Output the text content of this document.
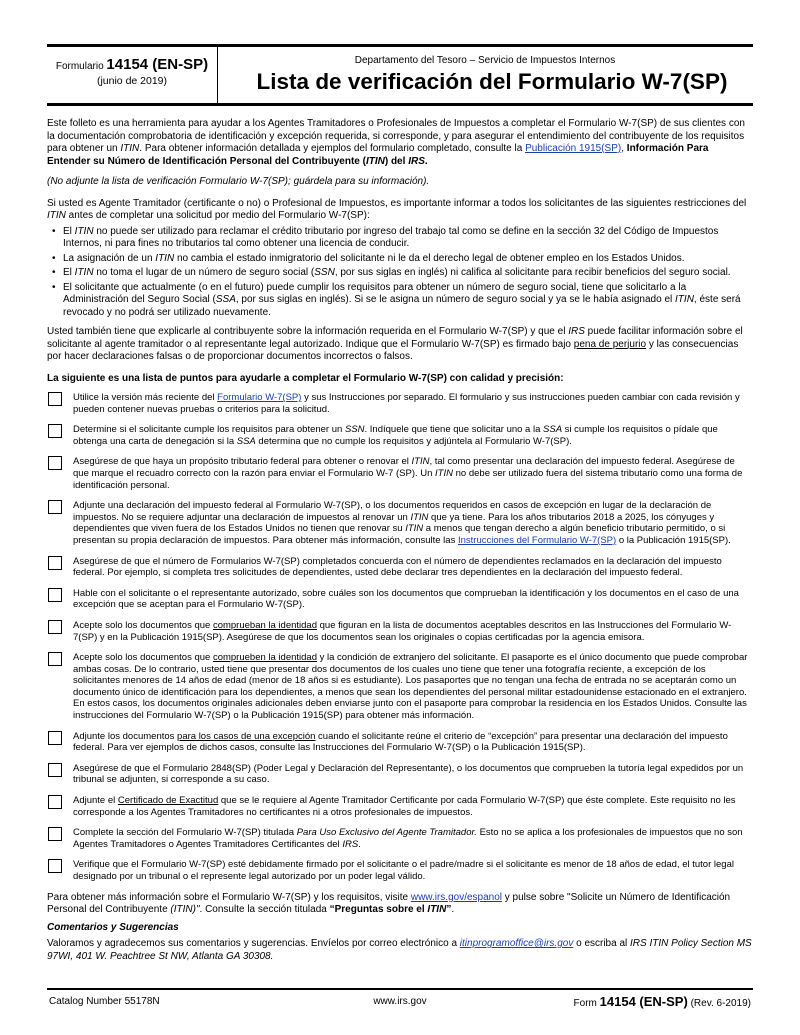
Formulario 14154 (EN-SP)
(junio de 2019)
Departamento del Tesoro – Servicio de Impuestos Internos
Lista de verificación del Formulario W-7(SP)

Este folleto es una herramienta para ayudar a los Agentes Tramitadores o Profesionales de Impuestos a completar el Formulario W-7(SP) de sus clientes con la documentación comprobatoria de identificación y excepción requerida, si corresponde, y para asegurar el entendimiento del contribuyente de los requisitos para obtener un ITIN. Para obtener información detallada y ejemplos del formulario completado, consulte la Publicación 1915(SP), Información Para Entender su Número de Identificación Personal del Contribuyente (ITIN) del IRS.

(No adjunte la lista de verificación Formulario W-7(SP); guárdela para su información).

Si usted es Agente Tramitador (certificante o no) o Profesional de Impuestos, es importante informar a todos los solicitantes de las siguientes restricciones del ITIN antes de completar una solicitud por medio del Formulario W-7(SP):

• El ITIN no puede ser utilizado para reclamar el crédito tributario por ingreso del trabajo tal como se define en la sección 32 del Código de Impuestos Internos, ni para fines no tributarios tal como obtener una licencia de conducir.
• La asignación de un ITIN no cambia el estado inmigratorio del solicitante ni le da el derecho legal de obtener empleo en los Estados Unidos.
• El ITIN no toma el lugar de un número de seguro social (SSN, por sus siglas en inglés) ni califica al solicitante para recibir beneficios del seguro social.
• El solicitante que actualmente (o en el futuro) puede cumplir los requisitos para obtener un número de seguro social, tiene que solicitarlo a la Administración del Seguro Social (SSA, por sus siglas en inglés). Si se le asigna un número de seguro social y ya se le había asignado el ITIN, éste será revocado y no podrá ser utilizado nuevamente.

Usted también tiene que explicarle al contribuyente sobre la información requerida en el Formulario W-7(SP) y que el IRS puede facilitar información sobre el solicitante al agente tramitador o al representante legal autorizado. Indique que el Formulario W-7(SP) es firmado bajo pena de perjurio y las consecuencias por hacer declaraciones falsas o de proporcionar documentos incorrectos o falsos.

La siguiente es una lista de puntos para ayudarle a completar el Formulario W-7(SP) con calidad y precisión:

Utilice la versión más reciente del Formulario W-7(SP) y sus Instrucciones por separado. El formulario y sus instrucciones pueden cambiar con cada revisión y pueden contener nuevas pruebas o criterios para la solicitud.
Determine si el solicitante cumple los requisitos para obtener un SSN. Indíquele que tiene que solicitar uno a la SSA si cumple los requisitos o pídale que obtenga una carta de denegación si la SSA determina que no cumple los requisitos y adjúntela al Formulario W-7(SP).
Asegúrese de que haya un propósito tributario federal para obtener o renovar el ITIN, tal como presentar una declaración del impuesto federal. Asegúrese de que marque el recuadro correcto con la razón para enviar el Formulario W-7 (SP). Un ITIN no debe ser utilizado fuera del sistema tributario como una forma de identificación personal.
Adjunte una declaración del impuesto federal al Formulario W-7(SP), o los documentos requeridos en casos de excepción en lugar de la declaración de impuestos. No se requiere adjuntar una declaración de impuestos al renovar un ITIN que ya tiene. Para los años tributarios 2018 a 2025, los cónyuges y dependientes que viven fuera de los Estados Unidos no tienen que renovar su ITIN a menos que tengan derecho a algún beneficio tributario permitido, o si presentan su propia declaración de impuestos. Para obtener más información, consulte las Instrucciones del Formulario W-7(SP) o la Publicación 1915(SP).
Asegúrese de que el número de Formularios W-7(SP) completados concuerda con el número de dependientes reclamados en la declaración del impuesto federal. Por ejemplo, si completa tres solicitudes de dependientes, usted debe declarar tres dependientes en la declaración del impuesto federal.
Hable con el solicitante o el representante autorizado, sobre cuáles son los documentos que comprueban la identificación y los documentos en el caso de una excepción que se aceptan para el Formulario W-7(SP).
Acepte solo los documentos que comprueban la identidad que figuran en la lista de documentos aceptables descritos en las Instrucciones del Formulario W-7(SP) y en la Publicación 1915(SP). Asegúrese de que los documentos sean los originales o copias certificadas por la agencia emisora.
Acepte solo los documentos que comprueben la identidad y la condición de extranjero del solicitante. El pasaporte es el único documento que puede comprobar ambas cosas. De lo contrario, usted tiene que presentar dos documentos de los cuales uno tiene que tener una fotografía reciente, a excepción de los solicitantes menores de 14 años de edad (menor de 18 años si es estudiante). Los pasaportes que no tengan una fecha de entrada no se aceptarán como un documento único de identificación para los dependientes, a menos que sean los dependientes del personal militar estadounidense estacionado en el extranjero. En estos casos, los documentos originales adicionales deben enviarse junto con el pasaporte para comprobar la residencia en los Estados Unidos. Consulte las instrucciones del Formulario W-7(SP) o la Publicación 1915(SP) para obtener más información.
Adjunte los documentos para los casos de una excepción cuando el solicitante reúne el criterio de “excepción” para presentar una declaración del impuesto federal. Para ver ejemplos de dichos casos, consulte las Instrucciones del Formulario W-7(SP) o la Publicación 1915(SP).
Asegúrese de que el Formulario 2848(SP) (Poder Legal y Declaración del Representante), o los documentos que comprueben la tutoría legal expedidos por un tribunal se adjunten, si corresponde a su caso.
Adjunte el Certificado de Exactitud que se le requiere al Agente Tramitador Certificante por cada Formulario W-7(SP) que éste complete. Este requisito no les corresponde a los Agentes Tramitadores no certificantes ni a otros profesionales de impuestos.
Complete la sección del Formulario W-7(SP) titulada Para Uso Exclusivo del Agente Tramitador. Esto no se aplica a los profesionales de impuestos que no son Agentes Tramitadores o Agentes Tramitadores Certificantes del IRS.
Verifique que el Formulario W-7(SP) esté debidamente firmado por el solicitante o el padre/madre si el solicitante es menor de 18 años de edad, el tutor legal designado por un tribunal o el represente legal autorizado por un poder legal válido.

Para obtener más información sobre el Formulario W-7(SP) y los requisitos, visite www.irs.gov/espanol y pulse sobre "Solicite un Número de Identificación Personal del Contribuyente (ITIN)". Consulte la sección titulada “Preguntas sobre el ITIN”.

Comentarios y Sugerencias

Valoramos y agradecemos sus comentarios y sugerencias. Envíelos por correo electrónico a itinprogramoffice@irs.gov o escriba al IRS ITIN Policy Section MS 97WI, 401 W. Peachtree St NW, Atlanta GA 30308.

Catalog Number 55178N	www.irs.gov	Form 14154 (EN-SP) (Rev. 6-2019)
